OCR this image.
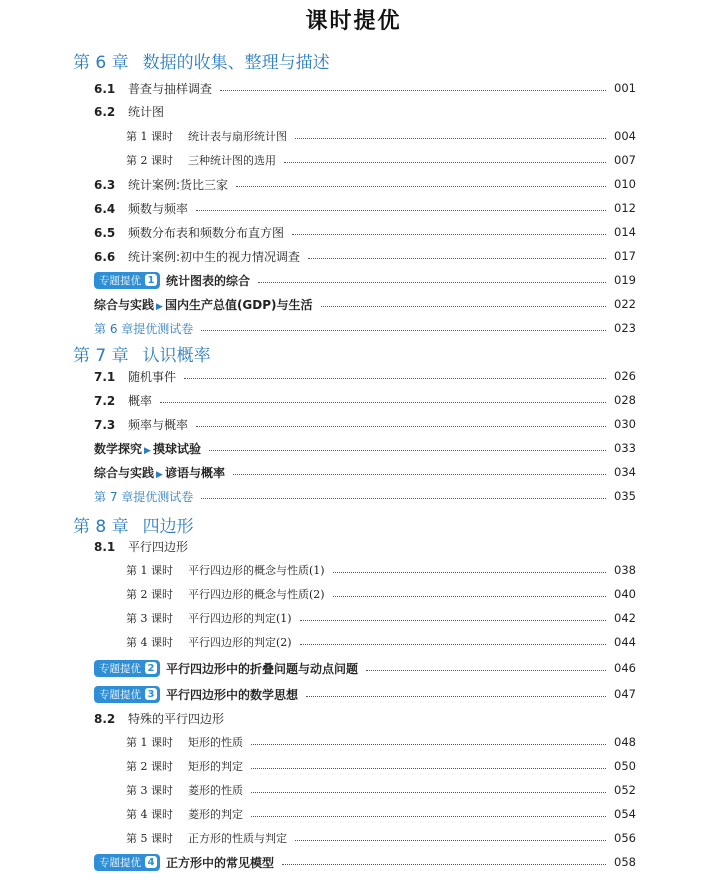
课时提优
第 6 章 数据的收集、整理与描述
第 7 章 认识概率
第 8 章 四边形
6.1 普查与抽样调查	001
6.2 统计图
第 1 课时 统计表与扇形统计图	004
第 2 课时 三种统计图的选用	007
6.3 统计案例:货比三家	010
6.4 频数与频率	012
6.5 频数分布表和频数分布直方图	014
6.6 统计案例:初中生的视力情况调查	017
专题提优 1 统计图表的综合	019
综合与实践 ▶ 国内生产总值(GDP)与生活	022
第 6 章提优测试卷	023
7.1 随机事件	026
7.2 概率	028
7.3 频率与概率	030
数学探究 ▶ 摸球试验	033
综合与实践 ▶ 谚语与概率	034
第 7 章提优测试卷	035
8.1 平行四边形
第 1 课时 平行四边形的概念与性质(1)	038
第 2 课时 平行四边形的概念与性质(2)	040
第 3 课时 平行四边形的判定(1)	042
第 4 课时 平行四边形的判定(2)	044
专题提优 2 平行四边形中的折叠问题与动点问题	046
专题提优 3 平行四边形中的数学思想	047
8.2 特殊的平行四边形
第 1 课时 矩形的性质	048
第 2 课时 矩形的判定	050
第 3 课时 菱形的性质	052
第 4 课时 菱形的判定	054
第 5 课时 正方形的性质与判定	056
专题提优 4 正方形中的常见模型	058
